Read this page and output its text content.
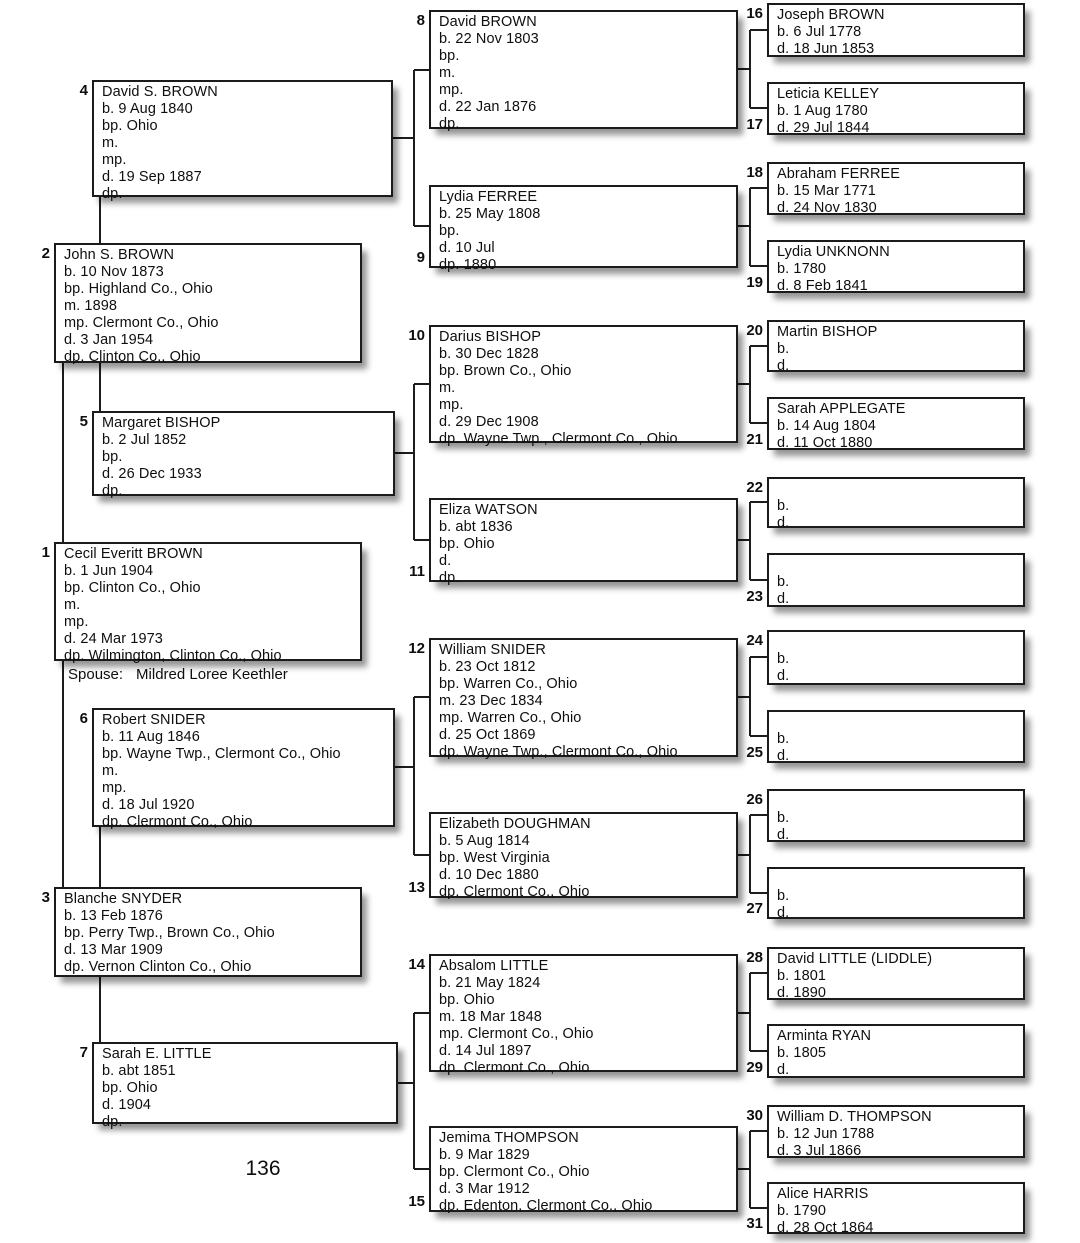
Cecil Everitt BROWN
b. 1 Jun 1904
bp. Clinton Co., Ohio
m.
mp.
d. 24 Mar 1973
dp. Wilmington, Clinton Co., Ohio
1
John S. BROWN
b. 10 Nov 1873
bp. Highland Co., Ohio
m. 1898
mp. Clermont Co., Ohio
d. 3 Jan 1954
dp. Clinton Co., Ohio
2
Blanche SNYDER
b. 13 Feb 1876
bp. Perry Twp., Brown Co., Ohio
d. 13 Mar 1909
dp. Vernon Clinton Co., Ohio
3
David S. BROWN
b. 9 Aug 1840
bp. Ohio
m.
mp.
d. 19 Sep 1887
dp.
4
Margaret BISHOP
b. 2 Jul 1852
bp.
d. 26 Dec 1933
dp.
5
Robert SNIDER
b. 11 Aug 1846
bp. Wayne Twp., Clermont Co., Ohio
m.
mp.
d. 18 Jul 1920
dp. Clermont Co., Ohio
6
Sarah E. LITTLE
b. abt 1851
bp. Ohio
d. 1904
dp.
7
David BROWN
b. 22 Nov 1803
bp.
m.
mp.
d. 22 Jan 1876
dp.
8
Lydia FERREE
b. 25 May 1808
bp.
d. 10 Jul
dp. 1880
9
Darius BISHOP
b. 30 Dec 1828
bp. Brown Co., Ohio
m.
mp.
d. 29 Dec 1908
dp. Wayne Twp., Clermont Co., Ohio
10
Eliza WATSON
b. abt 1836
bp. Ohio
d.
dp.
11
William SNIDER
b. 23 Oct 1812
bp. Warren Co., Ohio
m. 23 Dec 1834
mp. Warren Co., Ohio
d. 25 Oct 1869
dp. Wayne Twp., Clermont Co., Ohio
12
Elizabeth DOUGHMAN
b. 5 Aug 1814
bp. West Virginia
d. 10 Dec 1880
dp. Clermont Co., Ohio
13
Absalom LITTLE
b. 21 May 1824
bp. Ohio
m. 18 Mar 1848
mp. Clermont Co., Ohio
d. 14 Jul 1897
dp. Clermont Co., Ohio
14
Jemima THOMPSON
b. 9 Mar 1829
bp. Clermont Co., Ohio
d. 3 Mar 1912
dp. Edenton, Clermont Co., Ohio
15
Joseph BROWN
b. 6 Jul 1778
d. 18 Jun 1853
16
Leticia KELLEY
b. 1 Aug 1780
d. 29 Jul 1844
17
Abraham FERREE
b. 15 Mar 1771
d. 24 Nov 1830
18
Lydia UNKNONN
b. 1780
d. 8 Feb 1841
19
Martin BISHOP
b.
d.
20
Sarah APPLEGATE
b. 14 Aug 1804
d. 11 Oct 1880
21
b.
d.
22
b.
d.
23
b.
d.
24
b.
d.
25
b.
d.
26
b.
d.
27
David LITTLE (LIDDLE)
b. 1801
d. 1890
28
Arminta RYAN
b. 1805
d.
29
William D. THOMPSON
b. 12 Jun 1788
d. 3 Jul 1866
30
Alice HARRIS
b. 1790
d. 28 Oct 1864
31
Spouse: Mildred Loree Keethler
136
